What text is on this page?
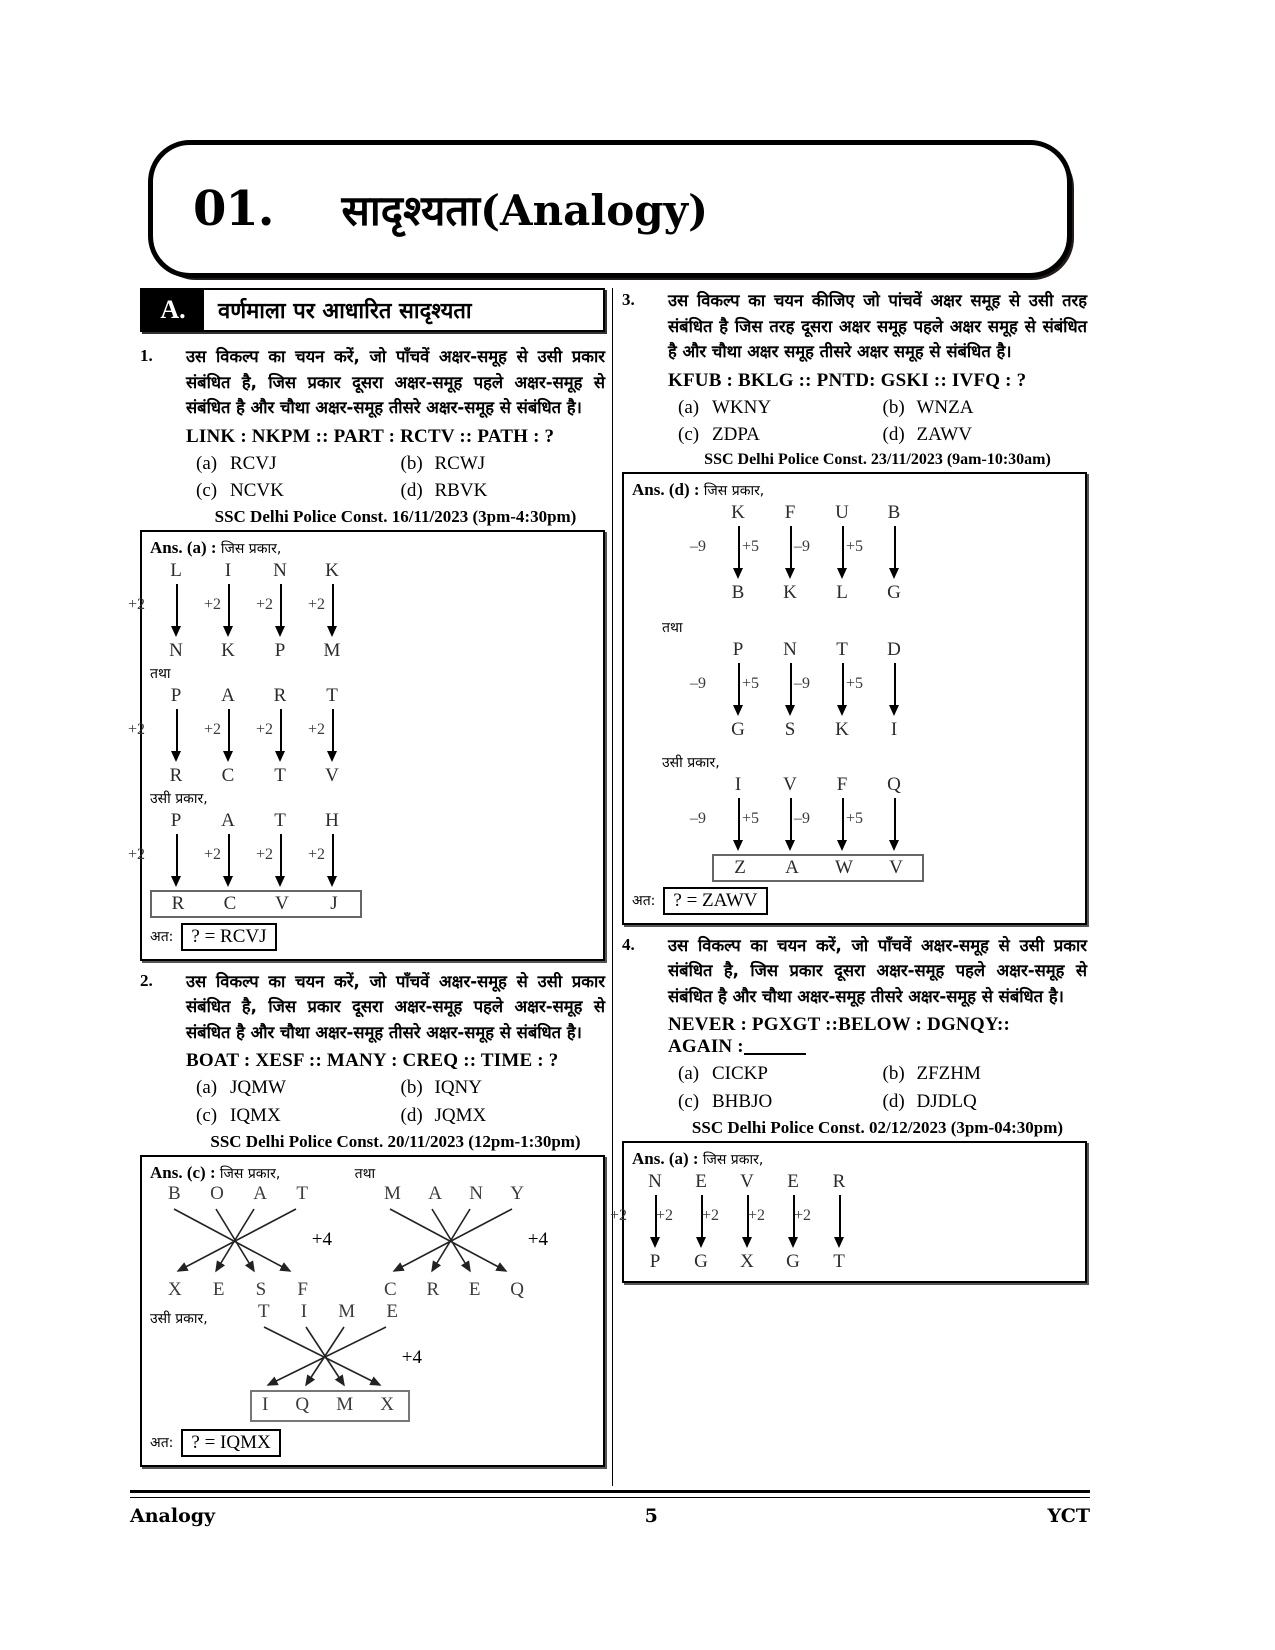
01. सादृश्यता(Analogy)
A.	वर्णमाला पर आधारित सादृश्यता
1.	उस विकल्प का चयन करें, जो पाँचवें अक्षर-समूह से उसी प्रकार संबंधित है, जिस प्रकार दूसरा अक्षर-समूह पहले अक्षर-समूह से संबंधित है और चौथा अक्षर-समूह तीसरे अक्षर-समूह से संबंधित है।
LINK : NKPM :: PART : RCTV :: PATH : ?
(a) RCVJ	(b) RCWJ
(c) NCVK	(d) RBVK
SSC Delhi Police Const. 16/11/2023 (3pm-4:30pm)
Ans. (a) : जिस प्रकार,
L	I	N	K
+2	+2 +2 +2
N	K	P	M
तथा
P	A	R	T
+2	+2 +2 +2
R	C	T	V
उसी प्रकार,
P	A	T	H
+2	+2 +2 +2
R	C	V	J
अत: ? = RCVJ
2.	उस विकल्प का चयन करें, जो पाँचवें अक्षर-समूह से उसी प्रकार संबंधित है, जिस प्रकार दूसरा अक्षर-समूह पहले अक्षर-समूह से संबंधित है और चौथा अक्षर-समूह तीसरे अक्षर-समूह से संबंधित है।
BOAT : XESF :: MANY : CREQ :: TIME : ?
(a) JQMW	(b) IQNY
(c) IQMX	(d) JQMX
SSC Delhi Police Const. 20/11/2023 (12pm-1:30pm)
Ans. (c) : जिस प्रकार,	तथा
B O A T
+4
X E S F
M A N Y
+4
C R E Q
उसी प्रकार,	T I M E
+4
I Q M X
अत: ? = IQMX
3.	उस विकल्प का चयन कीजिए जो पांचवें अक्षर समूह से उसी तरह संबंधित है जिस तरह दूसरा अक्षर समूह पहले अक्षर समूह से संबंधित है और चौथा अक्षर समूह तीसरे अक्षर समूह से संबंधित है।
KFUB : BKLG :: PNTD: GSKI :: IVFQ : ?
(a) WKNY	(b) WNZA
(c) ZDPA	(d) ZAWV
SSC Delhi Police Const. 23/11/2023 (9am-10:30am)
Ans. (d) : जिस प्रकार,
K	F	U	B
–9 +5 –9 +5
B	K	L	G
तथा
P	N	T	D
–9 +5 –9 +5
G	S	K	I
उसी प्रकार,
I	V	F	Q
–9 +5 –9 +5
Z	A	W	V
अत: ? = ZAWV
4.	उस विकल्प का चयन करें, जो पाँचवें अक्षर-समूह से उसी प्रकार संबंधित है, जिस प्रकार दूसरा अक्षर-समूह पहले अक्षर-समूह से संबंधित है और चौथा अक्षर-समूह तीसरे अक्षर-समूह से संबंधित है।
NEVER : PGXGT ::BELOW : DGNQY::
AGAIN :
(a) CICKP	(b) ZFZHM
(c) BHBJO	(d) DJDLQ
SSC Delhi Police Const. 02/12/2023 (3pm-04:30pm)
Ans. (a) : जिस प्रकार,
N	E	V	E	R
+2 +2 +2 +2 +2
P	G	X	G	T
Analogy	5	YCT
